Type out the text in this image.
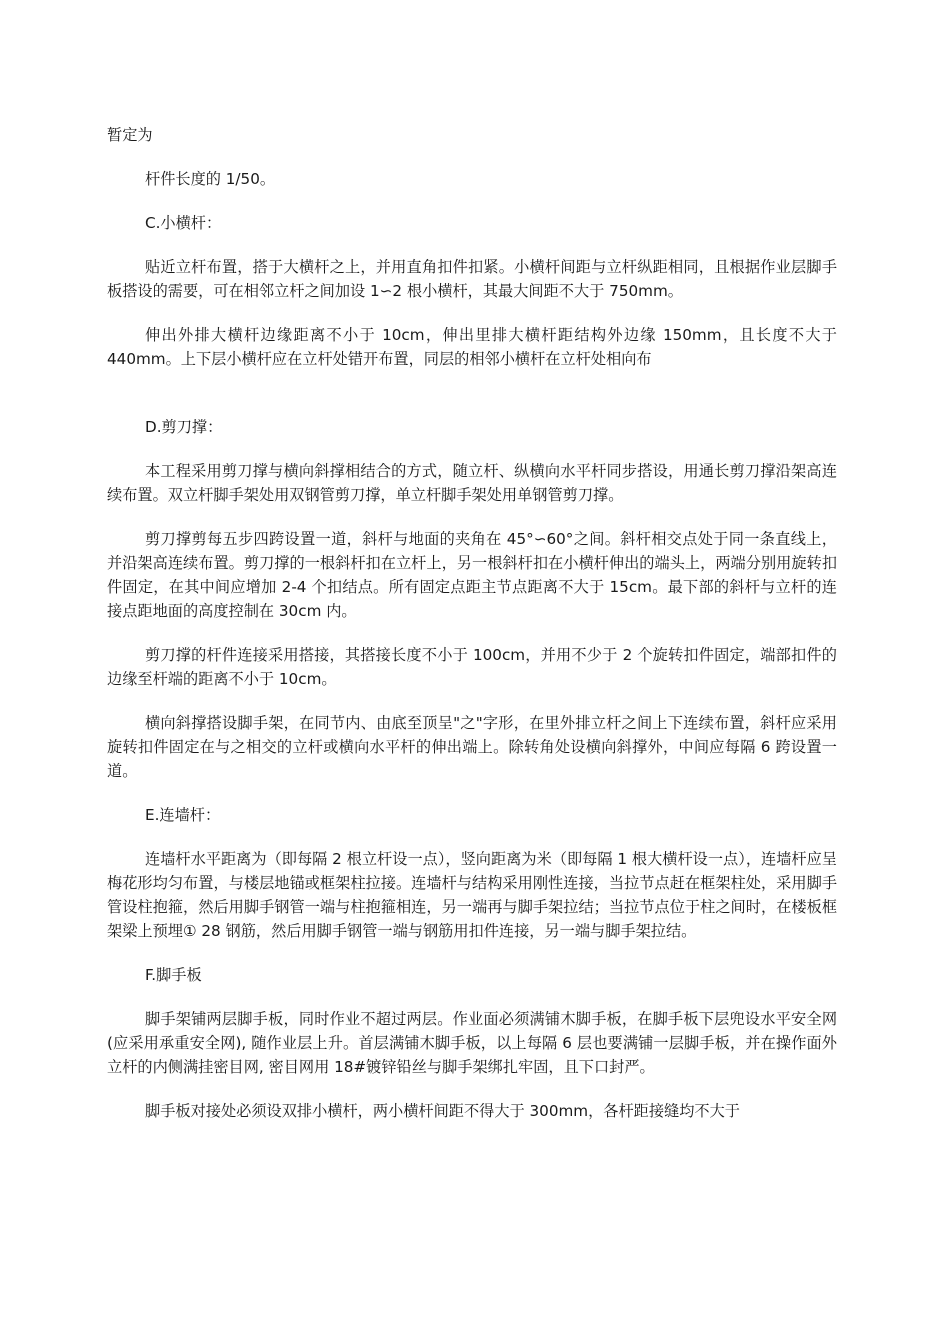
暂定为

杆件长度的 1/50。

C.小横杆：

贴近立杆布置，搭于大横杆之上，并用直角扣件扣紧。小横杆间距与立杆纵距相同，且根据作业层脚手板搭设的需要，可在相邻立杆之间加设 1∽2 根小横杆，其最大间距不大于 750mm。

伸出外排大横杆边缘距离不小于 10cm，伸出里排大横杆距结构外边缘 150mm，且长度不大于 440mm。上下层小横杆应在立杆处错开布置，同层的相邻小横杆在立杆处相向布

D.剪刀撑：

本工程采用剪刀撑与横向斜撑相结合的方式，随立杆、纵横向水平杆同步搭设，用通长剪刀撑沿架高连续布置。双立杆脚手架处用双钢管剪刀撑，单立杆脚手架处用单钢管剪刀撑。

剪刀撑剪每五步四跨设置一道，斜杆与地面的夹角在 45°∽60°之间。斜杆相交点处于同一条直线上，并沿架高连续布置。剪刀撑的一根斜杆扣在立杆上，另一根斜杆扣在小横杆伸出的端头上，两端分别用旋转扣件固定，在其中间应增加 2-4 个扣结点。所有固定点距主节点距离不大于 15cm。最下部的斜杆与立杆的连接点距地面的高度控制在 30cm 内。

剪刀撑的杆件连接采用搭接，其搭接长度不小于 100cm，并用不少于 2 个旋转扣件固定，端部扣件的边缘至杆端的距离不小于 10cm。

横向斜撑搭设脚手架，在同节内、由底至顶呈"之"字形，在里外排立杆之间上下连续布置，斜杆应采用旋转扣件固定在与之相交的立杆或横向水平杆的伸出端上。除转角处设横向斜撑外，中间应每隔 6 跨设置一道。

E.连墙杆：

连墙杆水平距离为（即每隔 2 根立杆设一点），竖向距离为米（即每隔 1 根大横杆设一点），连墙杆应呈梅花形均匀布置，与楼层地锚或框架柱拉接。连墙杆与结构采用刚性连接，当拉节点赶在框架柱处，采用脚手管设柱抱箍，然后用脚手钢管一端与柱抱箍相连，另一端再与脚手架拉结；当拉节点位于柱之间时，在楼板框架梁上预埋① 28 钢筋，然后用脚手钢管一端与钢筋用扣件连接，另一端与脚手架拉结。

F.脚手板

脚手架铺两层脚手板，同时作业不超过两层。作业面必须满铺木脚手板，在脚手板下层兜设水平安全网(应采用承重安全网), 随作业层上升。首层满铺木脚手板，以上每隔 6 层也要满铺一层脚手板，并在操作面外立杆的内侧满挂密目网, 密目网用 18#镀锌铅丝与脚手架绑扎牢固，且下口封严。

脚手板对接处必须设双排小横杆，两小横杆间距不得大于 300mm，各杆距接缝均不大于
